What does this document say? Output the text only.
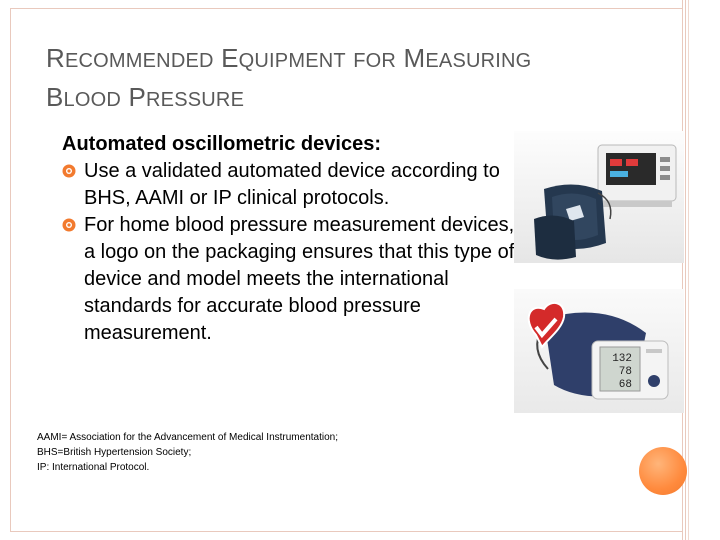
RECOMMENDED EQUIPMENT FOR MEASURING
BLOOD PRESSURE

Automated oscillometric devices:

Use a validated automated device according to BHS, AAMI or IP clinical protocols.
For home blood pressure measurement devices, a logo on the packaging ensures that this type of device and model meets the international standards for accurate blood pressure measurement.
AAMI= Association for the Advancement of Medical Instrumentation;
BHS=British Hypertension Society;
IP: International Protocol.
132
78
68
